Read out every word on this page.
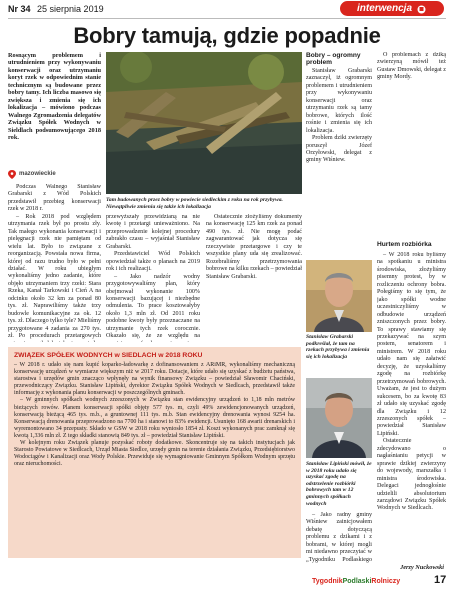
Nr 34 25 sierpnia 2019	interwencja
Bobry tamują, gdzie popadnie

Rosnącym problemem i utrudnieniem przy wykonywaniu konserwacji oraz utrzymaniu koryt rzek w odpowiednim stanie technicznym są budowane przez bobry tamy. Ich liczba masowo się zwiększa i zmienia się ich lokalizacja – mówiono podczas Walnego Zgromadzenia delegatów Związku Spółek Wodnych w Sieldlach podsumowującego 2018 rok.

mazowieckie

Podczas Walnego Stanisław Grabarski z Wód Polskich przedstawił przebieg konserwacji rzek w 2018 r.

– Rok 2018 pod względem utrzymania rzek był po prostu zły. Tak małego wykonania konserwacji i pielęgnacji rzek nie pamiętam od wielu lat. Było to związane z reorganizacją. Powstała nowa firma, której od razu trudno było w pełni działać. W roku ubiegłym wykonaliśmy jedno zadanie, które objęło utrzymaniem trzy rzeki: Stara Rzeka, Kanał Tarkowski i Cień A na odcinku około 32 km za ponad 80 tys. zł. Naprawiliśmy także trzy budowle komunikacyjne za ok. 12 tys. zł. Dlaczego tylko tyle? Mieliśmy przygotowane 4 zadania za 270 tys. zł. Po procedurach przetargowych

Tam budowanych przez bobry w powiecie siedleckim z roku na rok przybywa. Niewątpliwie zmienia się także ich lokalizacja

przewyższały przewidzianą na nie kwotę i przetargi unieważniono. Na przeprowadzenie kolejnej procedury zabrakło czasu – wyjaśniał Stanisław Grabarski.

Przedstawiciel Wód Polskich opowiedział także o planach na 2019 rok i ich realizacji.

– Jako nadzór wodny przygotowywaliśmy plan, który obejmował wykonanie 100% konserwacji bazującej i niezbędne odmulenia. To prace kosztowałyby około 1,3 mln zł. Od 2011 roku podobne kwoty były przeznaczane na utrzymanie tych rzek corocznie. Okazało się, że ze względu na

Ostatecznie złożyliśmy dokumenty na konserwację 125 km rzek za ponad 490 tys. zł. Nie mogę podać zagwarantować jak dotycza się rzeczywiste przetargowe i czy te wszystkie plany uda się zrealizować. Rozebraliśmy przetrzymowania bobrowe na kilku rzekach – powiedział Stanisław Grabarski.

Stanisław Grabarski podkreślał, że tam na rzekach przybywa i zmienia się ich lokalizacja
Stanisław Lipiński mówił, że w 2018 roku udało się uzyskać zgodę na odstrzelenie rozbiórki bobrowych tam w 12 gminnych spółkach wodnych
ZWIĄZEK SPÓŁEK WODNYCH w SIEDLACH w 2018 ROKU

– W 2018 r. udało się nam kupić koparko-ładowarkę z dofinansowaniem z ARiMR, wykonaliśmy mechaniczną konserwację urządzeń w wymiarze większym niż w 2017 roku. Dotacje, które udało się uzyskać z budżetu państwa, starostwa i urzędów gmin znacząco wpłynęły na wynik finansowy Związku – powiedział Sławomir Chaciński, przewodniczący Związku. Stanisław Lipiński, dyrektor Związku Spółek Wodnych w Siedlcach, przedstawił także informację z wykonania planu konserwacji w poszczególnych gminach.

– W gminnych spółkach wodnych zrzeszonych w Związku stan ewidencyjny urządzeń to 1,18 mln metrów bieżących rowów. Planem konserwacji spółki objęty 577 tys. m, czyli 49% zewidencjonowanych urządzeń, konserwacją bieżącą 465 tys. m.b., a gruntownej 111 tys. m.b. Stan ewidencyjny drenowania wynosi 9254 ha. Konserwacją drenowania przeprowadzono na 7700 ha i stanowi to 83% ewidencji. Usunięto 168 awarii drenarskich i wyremontowano 34 przepusty. Składo w GSW w 2018 roku wyniosło 1854 zł. Koszt wykonanych prac zamknął się kwotą 1,336 mln zł. Z tego składki stanowią 849 tys. zł – powiedział Stanisław Lipiński.

W kolejnym roku Związek planuje pozyskać roboty dodatkowe. Skoncentruje się na takich instytucjach jak Starosto Powiatowe w Siedlcach, Urząd Miasta Siedlce, urzędy gmin na terenie działania Związku, Przedsiębiorstwo Wodociągów i Kanalizacji oraz Wody Polskie. Przewiduje się wymagniowanie Gminnym Spółkom Wodnym sprzętu oraz nieruchomości.

Bobry – ogromny problem

Stanisław Grabarski zaznaczył, iż ogromnym problemem i utrudnieniem przy wykonywaniu konserwacji oraz utrzymaniu rzek są tamy bobrowe, których ilość rośnie i zmienia się ich lokalizacja.

Problem dziki zwierzęty poruszył Józef Orzyłowski, delegat z gminy Wiśniew.

– Jako radny gminy Wiśniew zainicjowałem debatę dotyczącą problemu z dzikami i z bobrami, w której mogli mi niedawno przeczytać w „Tygodniku Podlaskiego

O problemach z dziką zwierzyną mówił też Gustaw Dmowski, delegat z gminy Mordy.

Hurtem rozbiórka

– W 2018 roku byliśmy na spotkaniu u ministra środowiska, złożyliśmy pisemny protest, by w rozliczeniu ochrony bobra. Połegiśmy to się tym, że jako spółki wodne uczestniczyliśmy w odbudowie urządzeń zniszczonych przez bobry. To sprawy stawiamy się przekazywać na szym postem, senatorem i ministrem. W 2018 roku udało nam się załatwić decyzję, że uzyskaliśmy zgodę na rozbiórkę przetrzymowań bobrowych. Uważam, że jest to dużym sukcesem, bo za kwotę 83 zł udało się uzyskać zgodę dla Związku i 12 zrzeszonych spółek – powiedział Stanisław Lipiński.

Ostatecznie zdecydowano o nagłaśnianiu petycji w sprawie dzikiej zwierzyny do wojewody, marszałka i ministra środowiska. Delegaci jednogłośnie udzielili absolutorium zarządowi Związku Spółek Wodnych w Siedlcach.

Jerzy Nuckowski
TygodnikPodlaskiRolniczy	17
